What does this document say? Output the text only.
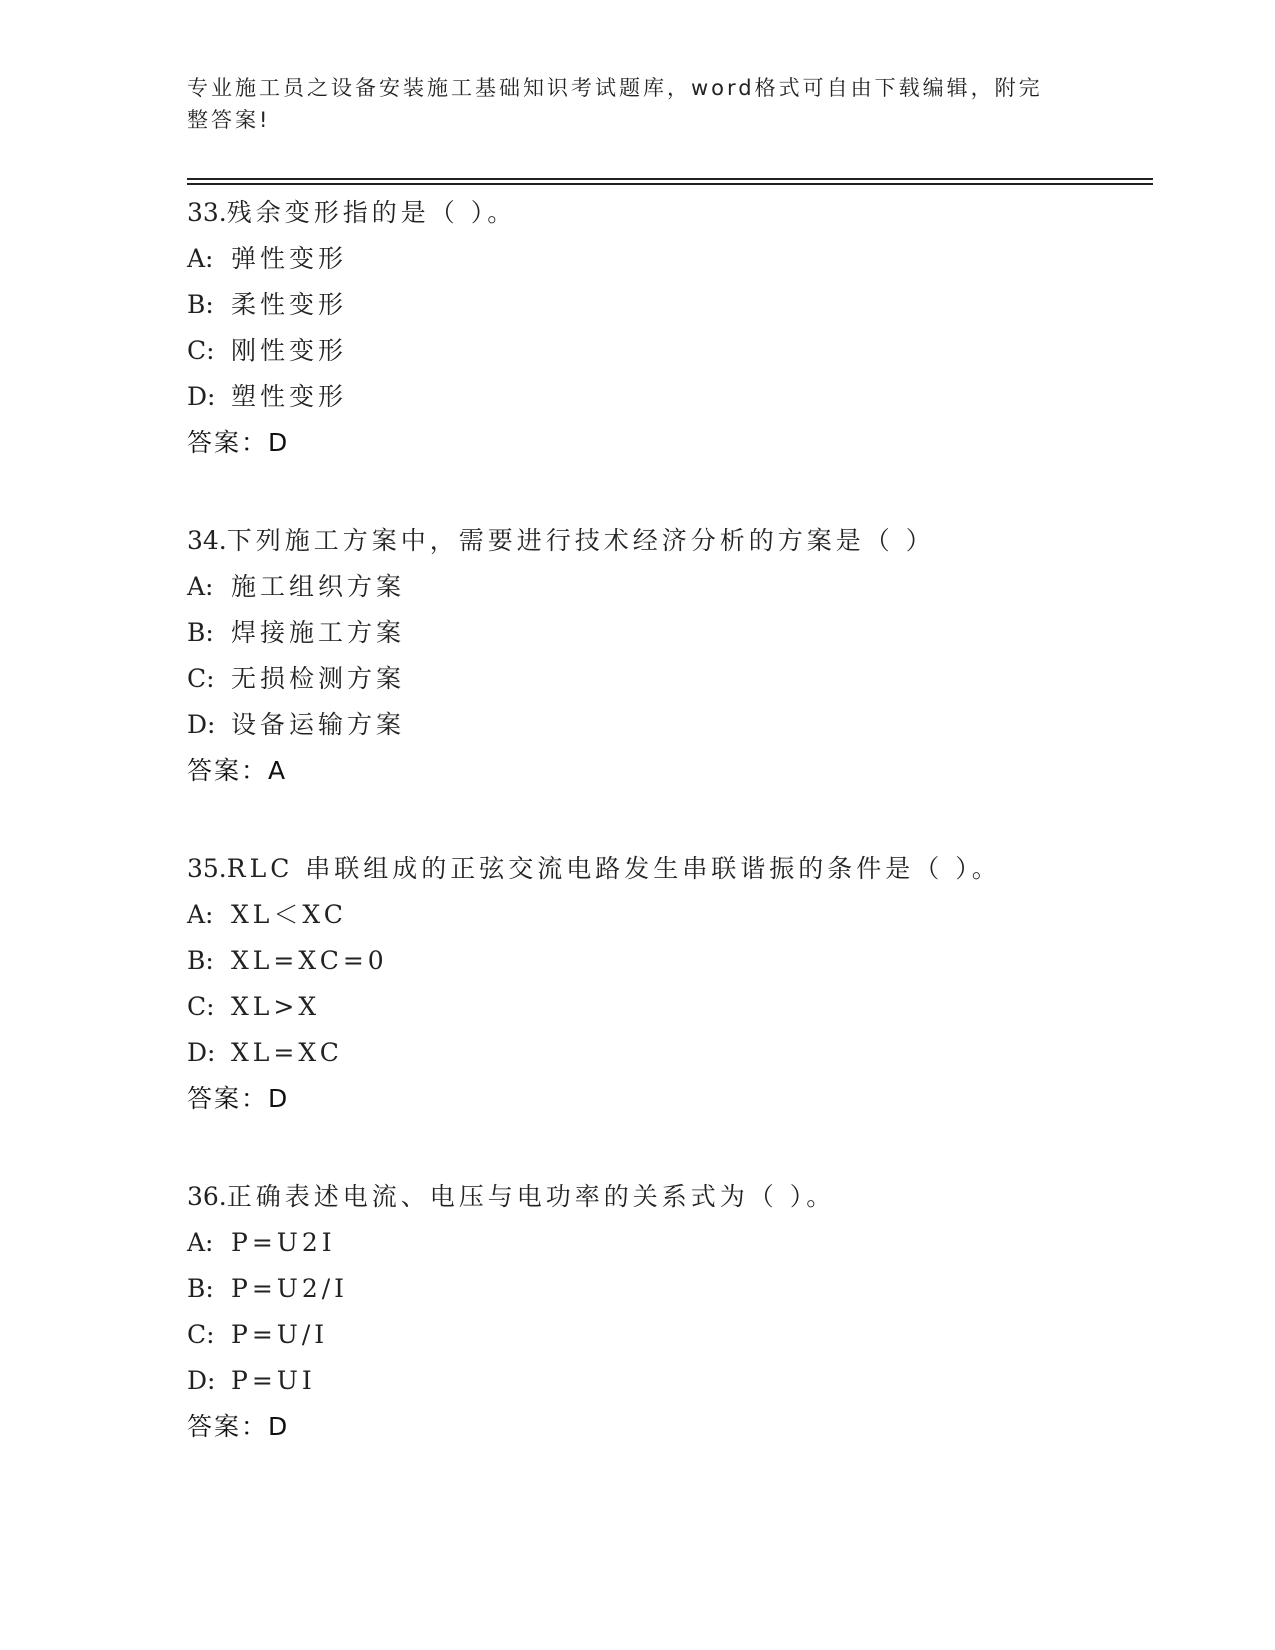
专业施工员之设备安装施工基础知识考试题库，word格式可自由下载编辑，附完
整答案!
33.残余变形指的是（ ）。
A: 弹性变形
B: 柔性变形
C: 刚性变形
D: 塑性变形
答案：D
34.下列施工方案中，需要进行技术经济分析的方案是（ ）
A: 施工组织方案
B: 焊接施工方案
C: 无损检测方案
D: 设备运输方案
答案：A
35.RLC 串联组成的正弦交流电路发生串联谐振的条件是（ ）。
A: XL＜XC
B: XL=XC=0
C: XL>X
D: XL=XC
答案：D
36.正确表述电流、电压与电功率的关系式为（ ）。
A: P=U2I
B: P=U2/I
C: P=U/I
D: P=UI
答案：D
